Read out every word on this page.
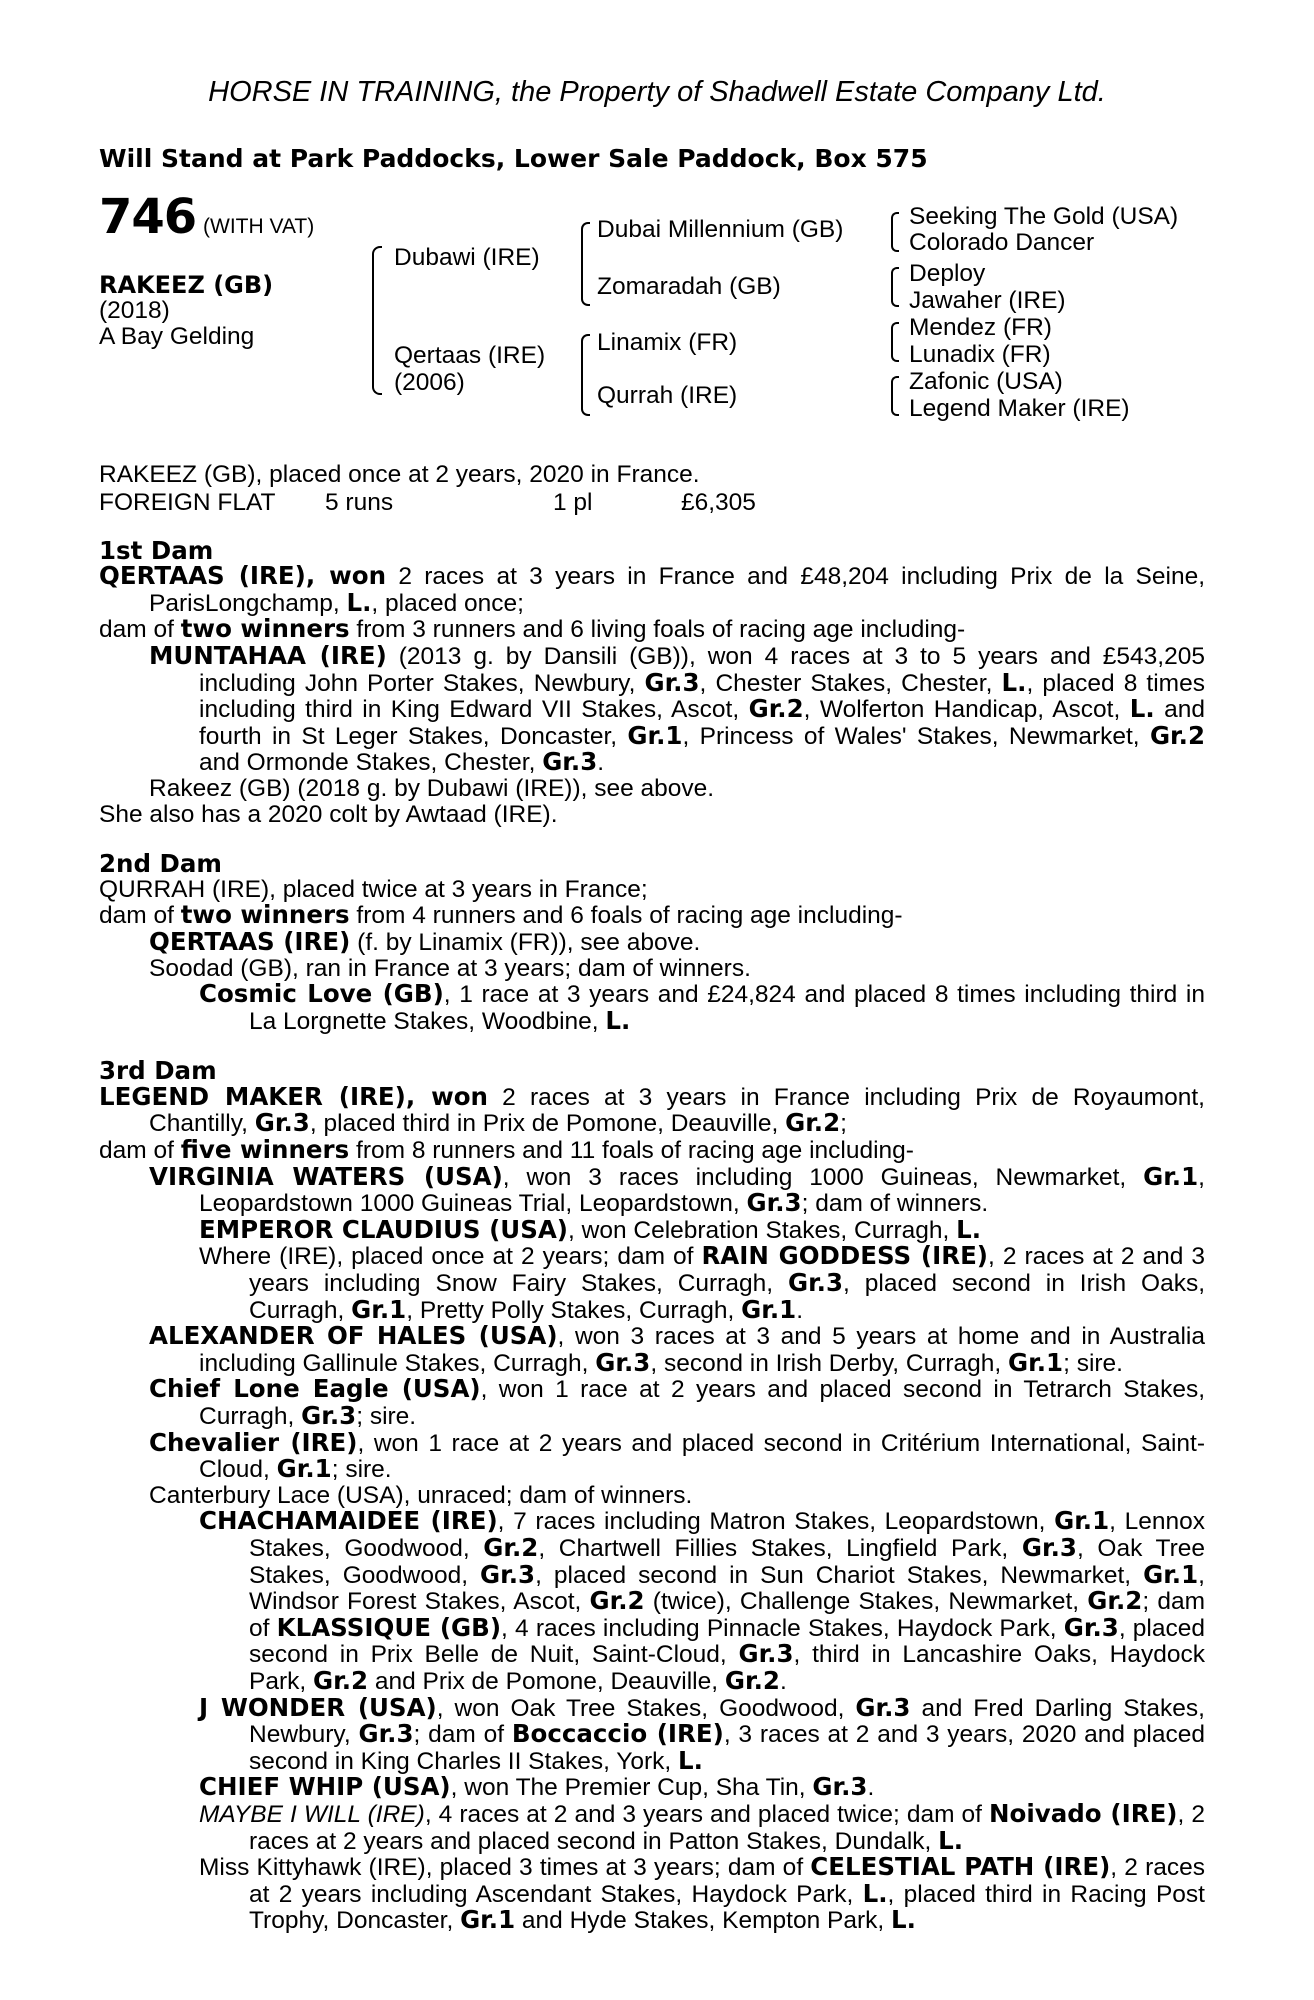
HORSE IN TRAINING, the Property of Shadwell Estate Company Ltd.
Will Stand at Park Paddocks, Lower Sale Paddock, Box 575
746 (WITH VAT)
RAKEEZ (GB)
(2018)
A Bay Gelding
Dubawi (IRE)
Qertaas (IRE)
(2006)
Dubai Millennium (GB)
Zomaradah (GB)
Linamix (FR)
Qurrah (IRE)
Seeking The Gold (USA)
Colorado Dancer
Deploy
Jawaher (IRE)
Mendez (FR)
Lunadix (FR)
Zafonic (USA)
Legend Maker (IRE)

RAKEEZ (GB), placed once at 2 years, 2020 in France.

FOREIGN FLAT 5 runs	1 pl	£6,305

1st Dam

QERTAAS (IRE), won 2 races at 3 years in France and £48,204 including Prix de la Seine, ParisLongchamp, L., placed once;

dam of two winners from 3 runners and 6 living foals of racing age including-

MUNTAHAA (IRE) (2013 g. by Dansili (GB)), won 4 races at 3 to 5 years and £543,205 including John Porter Stakes, Newbury, Gr.3, Chester Stakes, Chester, L., placed 8 times including third in King Edward VII Stakes, Ascot, Gr.2, Wolferton Handicap, Ascot, L. and fourth in St Leger Stakes, Doncaster, Gr.1, Princess of Wales' Stakes, Newmarket, Gr.2 and Ormonde Stakes, Chester, Gr.3.

Rakeez (GB) (2018 g. by Dubawi (IRE)), see above.

She also has a 2020 colt by Awtaad (IRE).

2nd Dam

QURRAH (IRE), placed twice at 3 years in France;

dam of two winners from 4 runners and 6 foals of racing age including-

QERTAAS (IRE) (f. by Linamix (FR)), see above.

Soodad (GB), ran in France at 3 years; dam of winners.

Cosmic Love (GB), 1 race at 3 years and £24,824 and placed 8 times including third in La Lorgnette Stakes, Woodbine, L.

3rd Dam

LEGEND MAKER (IRE), won 2 races at 3 years in France including Prix de Royaumont, Chantilly, Gr.3, placed third in Prix de Pomone, Deauville, Gr.2;

dam of five winners from 8 runners and 11 foals of racing age including-

VIRGINIA WATERS (USA), won 3 races including 1000 Guineas, Newmarket, Gr.1, Leopardstown 1000 Guineas Trial, Leopardstown, Gr.3; dam of winners.

EMPEROR CLAUDIUS (USA), won Celebration Stakes, Curragh, L.

Where (IRE), placed once at 2 years; dam of RAIN GODDESS (IRE), 2 races at 2 and 3 years including Snow Fairy Stakes, Curragh, Gr.3, placed second in Irish Oaks, Curragh, Gr.1, Pretty Polly Stakes, Curragh, Gr.1.

ALEXANDER OF HALES (USA), won 3 races at 3 and 5 years at home and in Australia including Gallinule Stakes, Curragh, Gr.3, second in Irish Derby, Curragh, Gr.1; sire.

Chief Lone Eagle (USA), won 1 race at 2 years and placed second in Tetrarch Stakes, Curragh, Gr.3; sire.

Chevalier (IRE), won 1 race at 2 years and placed second in Critérium International, Saint-Cloud, Gr.1; sire.

Canterbury Lace (USA), unraced; dam of winners.

CHACHAMAIDEE (IRE), 7 races including Matron Stakes, Leopardstown, Gr.1, Lennox Stakes, Goodwood, Gr.2, Chartwell Fillies Stakes, Lingfield Park, Gr.3, Oak Tree Stakes, Goodwood, Gr.3, placed second in Sun Chariot Stakes, Newmarket, Gr.1, Windsor Forest Stakes, Ascot, Gr.2 (twice), Challenge Stakes, Newmarket, Gr.2; dam of KLASSIQUE (GB), 4 races including Pinnacle Stakes, Haydock Park, Gr.3, placed second in Prix Belle de Nuit, Saint-Cloud, Gr.3, third in Lancashire Oaks, Haydock Park, Gr.2 and Prix de Pomone, Deauville, Gr.2.

J WONDER (USA), won Oak Tree Stakes, Goodwood, Gr.3 and Fred Darling Stakes, Newbury, Gr.3; dam of Boccaccio (IRE), 3 races at 2 and 3 years, 2020 and placed second in King Charles II Stakes, York, L.

CHIEF WHIP (USA), won The Premier Cup, Sha Tin, Gr.3.

MAYBE I WILL (IRE), 4 races at 2 and 3 years and placed twice; dam of Noivado (IRE), 2 races at 2 years and placed second in Patton Stakes, Dundalk, L.

Miss Kittyhawk (IRE), placed 3 times at 3 years; dam of CELESTIAL PATH (IRE), 2 races at 2 years including Ascendant Stakes, Haydock Park, L., placed third in Racing Post Trophy, Doncaster, Gr.1 and Hyde Stakes, Kempton Park, L.
